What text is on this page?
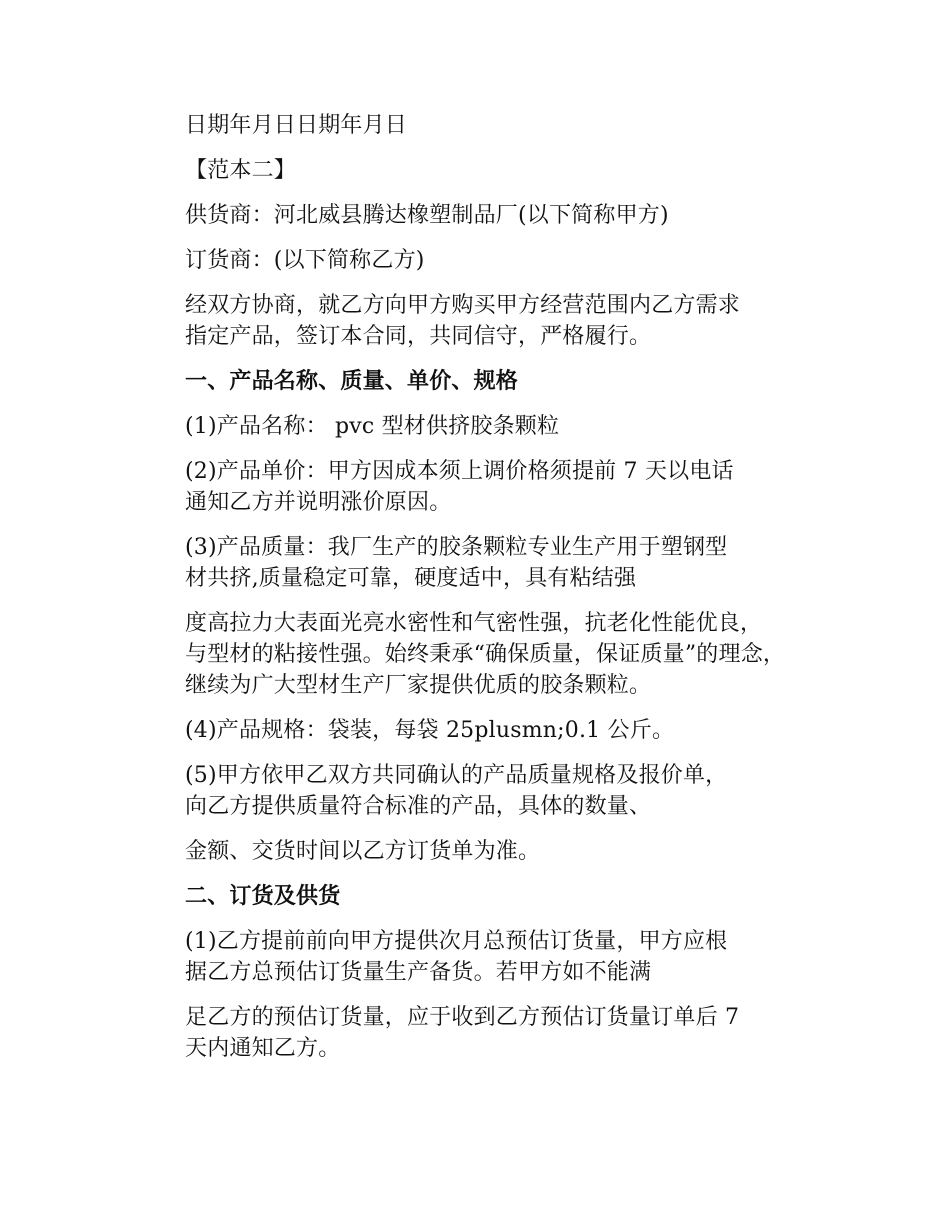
日期年月日日期年月日

【范本二】

供货商：河北威县腾达橡塑制品厂(以下简称甲方)

订货商：(以下简称乙方)

经双方协商，就乙方向甲方购买甲方经营范围内乙方需求
指定产品，签订本合同，共同信守，严格履行。

一、产品名称、质量、单价、规格

(1)产品名称： pvc 型材供挤胶条颗粒

(2)产品单价：甲方因成本须上调价格须提前 7 天以电话
通知乙方并说明涨价原因。

(3)产品质量：我厂生产的胶条颗粒专业生产用于塑钢型
材共挤,质量稳定可靠，硬度适中，具有粘结强

度高拉力大表面光亮水密性和气密性强，抗老化性能优良，
与型材的粘接性强。始终秉承“确保质量，保证质量”的理念，
继续为广大型材生产厂家提供优质的胶条颗粒。

(4)产品规格：袋装，每袋 25plusmn;0.1 公斤。

(5)甲方依甲乙双方共同确认的产品质量规格及报价单，
向乙方提供质量符合标准的产品，具体的数量、

金额、交货时间以乙方订货单为准。

二、订货及供货

(1)乙方提前前向甲方提供次月总预估订货量，甲方应根
据乙方总预估订货量生产备货。若甲方如不能满

足乙方的预估订货量，应于收到乙方预估订货量订单后 7
天内通知乙方。
